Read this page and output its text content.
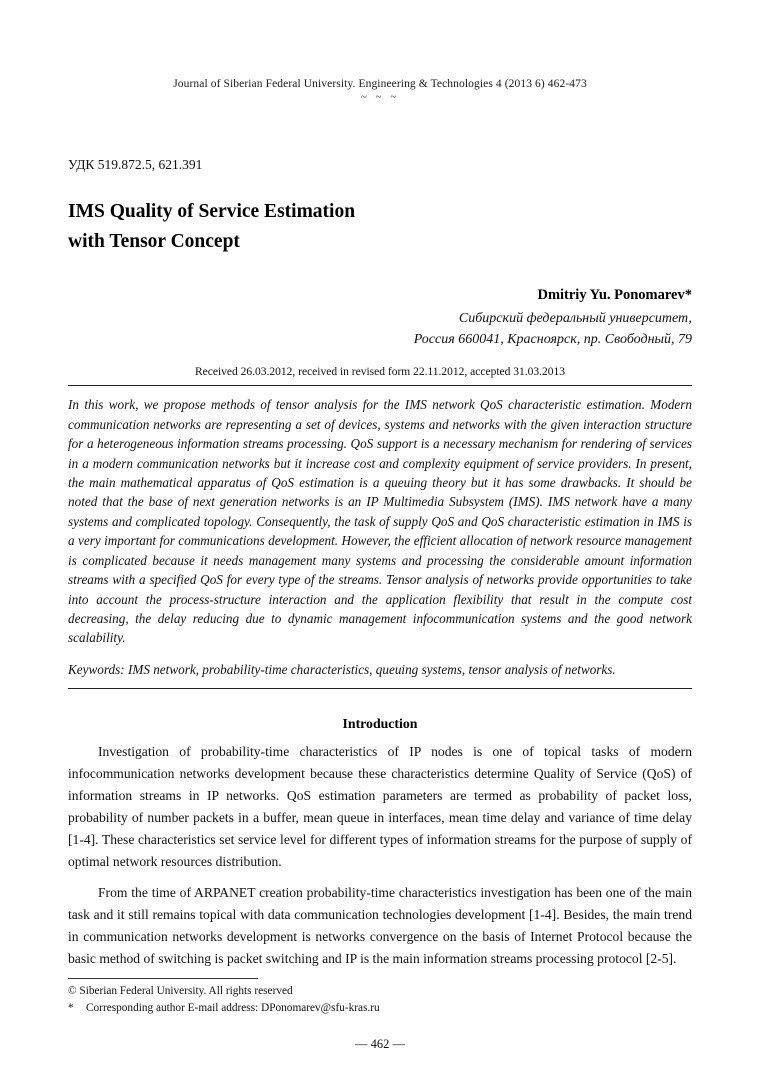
Journal of Siberian Federal University. Engineering & Technologies 4 (2013 6) 462-473
~ ~ ~
УДК 519.872.5, 621.391
IMS Quality of Service Estimation
with Tensor Concept
Dmitriy Yu. Ponomarev*
Сибирский федеральный университет,
Россия 660041, Красноярск, пр. Свободный, 79
Received 26.03.2012, received in revised form 22.11.2012, accepted 31.03.2013
In this work, we propose methods of tensor analysis for the IMS network QoS characteristic estimation. Modern communication networks are representing a set of devices, systems and networks with the given interaction structure for a heterogeneous information streams processing. QoS support is a necessary mechanism for rendering of services in a modern communication networks but it increase cost and complexity equipment of service providers. In present, the main mathematical apparatus of QoS estimation is a queuing theory but it has some drawbacks. It should be noted that the base of next generation networks is an IP Multimedia Subsystem (IMS). IMS network have a many systems and complicated topology. Consequently, the task of supply QoS and QoS characteristic estimation in IMS is a very important for communications development. However, the efficient allocation of network resource management is complicated because it needs management many systems and processing the considerable amount information streams with a specified QoS for every type of the streams. Tensor analysis of networks provide opportunities to take into account the process-structure interaction and the application flexibility that result in the compute cost decreasing, the delay reducing due to dynamic management infocommunication systems and the good network scalability.
Keywords: IMS network, probability-time characteristics, queuing systems, tensor analysis of networks.
Introduction
Investigation of probability-time characteristics of IP nodes is one of topical tasks of modern infocommunication networks development because these characteristics determine Quality of Service (QoS) of information streams in IP networks. QoS estimation parameters are termed as probability of packet loss, probability of number packets in a buffer, mean queue in interfaces, mean time delay and variance of time delay [1-4]. These characteristics set service level for different types of information streams for the purpose of supply of optimal network resources distribution.
From the time of ARPANET creation probability-time characteristics investigation has been one of the main task and it still remains topical with data communication technologies development [1-4]. Besides, the main trend in communication networks development is networks convergence on the basis of Internet Protocol because the basic method of switching is packet switching and IP is the main information streams processing protocol [2-5].
© Siberian Federal University. All rights reserved
* Corresponding author E-mail address: DPonomarev@sfu-kras.ru
— 462 —
